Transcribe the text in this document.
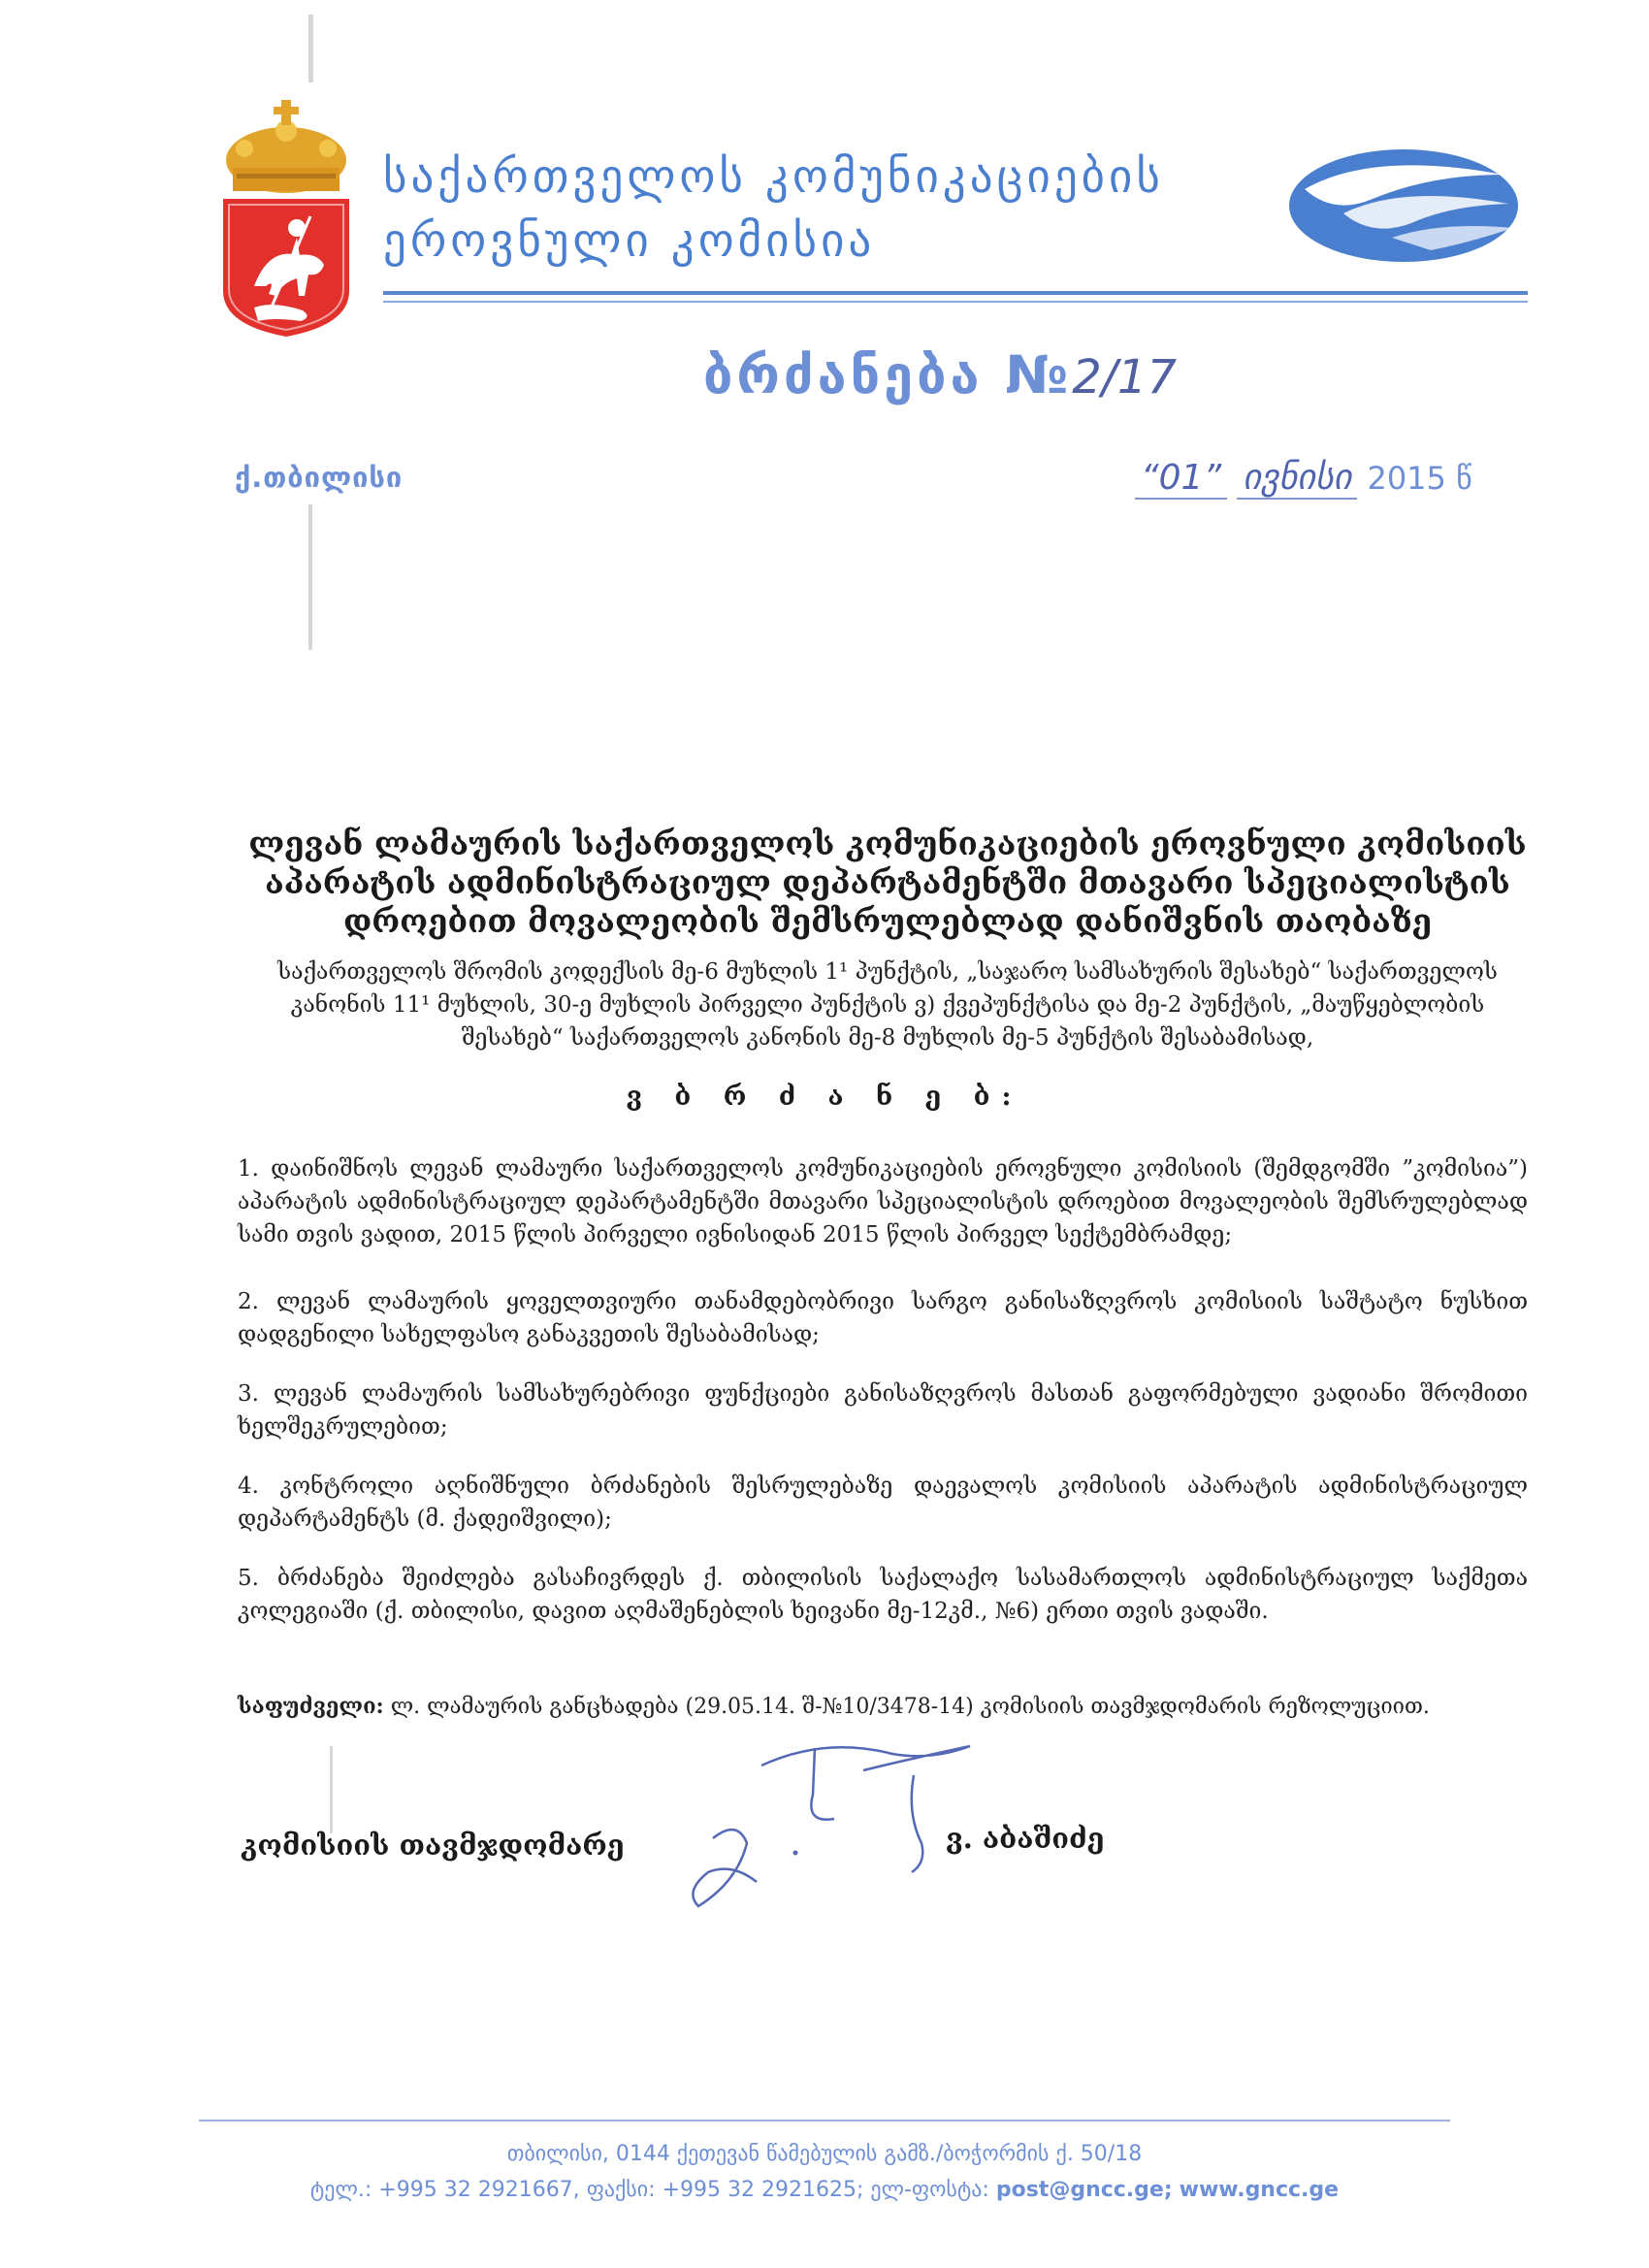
საქართველოს კომუნიკაციების
ეროვნული კომისია
ბრძანება №2/17
ქ.თბილისი	“01” ივნისი 2015 წ
ლევან ლამაურის საქართველოს კომუნიკაციების ეროვნული კომისიის აპარატის ადმინისტრაციულ დეპარტამენტში მთავარი სპეციალისტის დროებით მოვალეობის შემსრულებლად დანიშვნის თაობაზე
საქართველოს შრომის კოდექსის მე-6 მუხლის 1¹ პუნქტის, „საჯარო სამსახურის შესახებ“ საქართველოს კანონის 11¹ მუხლის, 30-ე მუხლის პირველი პუნქტის ვ) ქვეპუნქტისა და მე-2 პუნქტის, „მაუწყებლობის შესახებ“ საქართველოს კანონის მე-8 მუხლის მე-5 პუნქტის შესაბამისად,
ვ ბ რ ძ ა ნ ე ბ:
1. დაინიშნოს ლევან ლამაური საქართველოს კომუნიკაციების ეროვნული კომისიის (შემდგომში ”კომისია”) აპარატის ადმინისტრაციულ დეპარტამენტში მთავარი სპეციალისტის დროებით მოვალეობის შემსრულებლად სამი თვის ვადით, 2015 წლის პირველი ივნისიდან 2015 წლის პირველ სექტემბრამდე;
2. ლევან ლამაურის ყოველთვიური თანამდებობრივი სარგო განისაზღვროს კომისიის საშტატო ნუსხით დადგენილი სახელფასო განაკვეთის შესაბამისად;
3. ლევან ლამაურის სამსახურებრივი ფუნქციები განისაზღვროს მასთან გაფორმებული ვადიანი შრომითი ხელშეკრულებით;
4. კონტროლი აღნიშნული ბრძანების შესრულებაზე დაევალოს კომისიის აპარატის ადმინისტრაციულ დეპარტამენტს (მ. ქადეიშვილი);
5. ბრძანება შეიძლება გასაჩივრდეს ქ. თბილისის საქალაქო სასამართლოს ადმინისტრაციულ საქმეთა კოლეგიაში (ქ. თბილისი, დავით აღმაშენებლის ხეივანი მე-12კმ., №6) ერთი თვის ვადაში.
საფუძველი: ლ. ლამაურის განცხადება (29.05.14. შ-№10/3478-14) კომისიის თავმჯდომარის რეზოლუციით.
კომისიის თავმჯდომარე	ვ. აბაშიძე
თბილისი, 0144 ქეთევან წამებულის გამზ./ბოჭორმის ქ. 50/18
ტელ.: +995 32 2921667, ფაქსი: +995 32 2921625; ელ-ფოსტა: post@gncc.ge; www.gncc.ge
